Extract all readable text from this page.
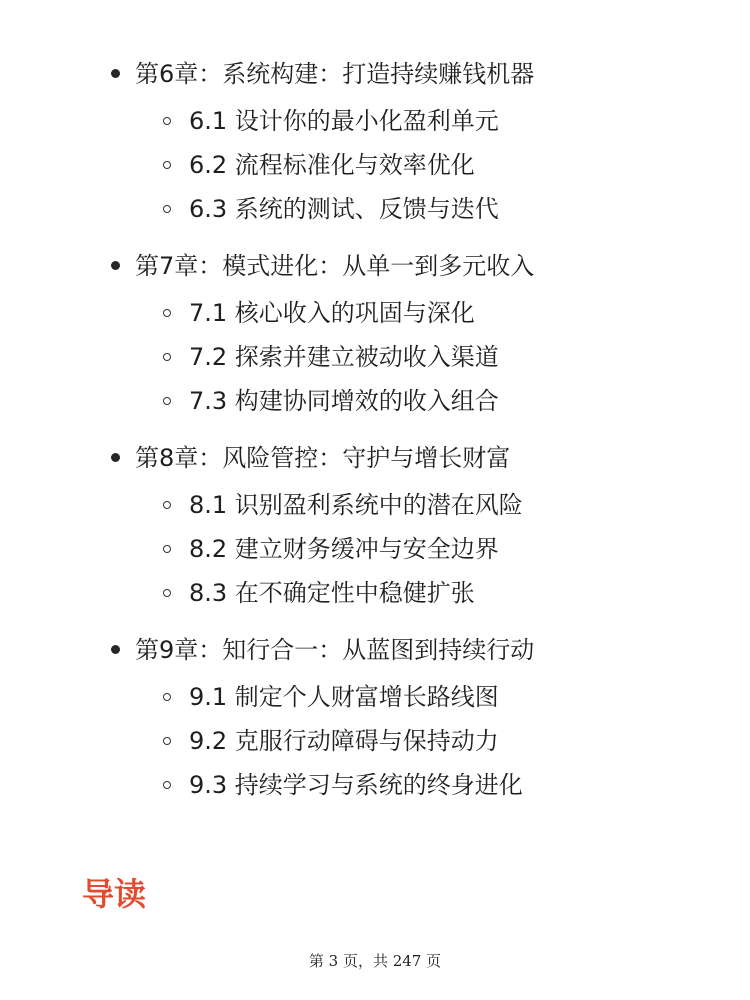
第6章：系统构建：打造持续赚钱机器
6.1 设计你的最小化盈利单元
6.2 流程标准化与效率优化
6.3 系统的测试、反馈与迭代
第7章：模式进化：从单一到多元收入
7.1 核心收入的巩固与深化
7.2 探索并建立被动收入渠道
7.3 构建协同增效的收入组合
第8章：风险管控：守护与增长财富
8.1 识别盈利系统中的潜在风险
8.2 建立财务缓冲与安全边界
8.3 在不确定性中稳健扩张
第9章：知行合一：从蓝图到持续行动
9.1 制定个人财富增长路线图
9.2 克服行动障碍与保持动力
9.3 持续学习与系统的终身进化
导读
第 3 页，共 247 页
